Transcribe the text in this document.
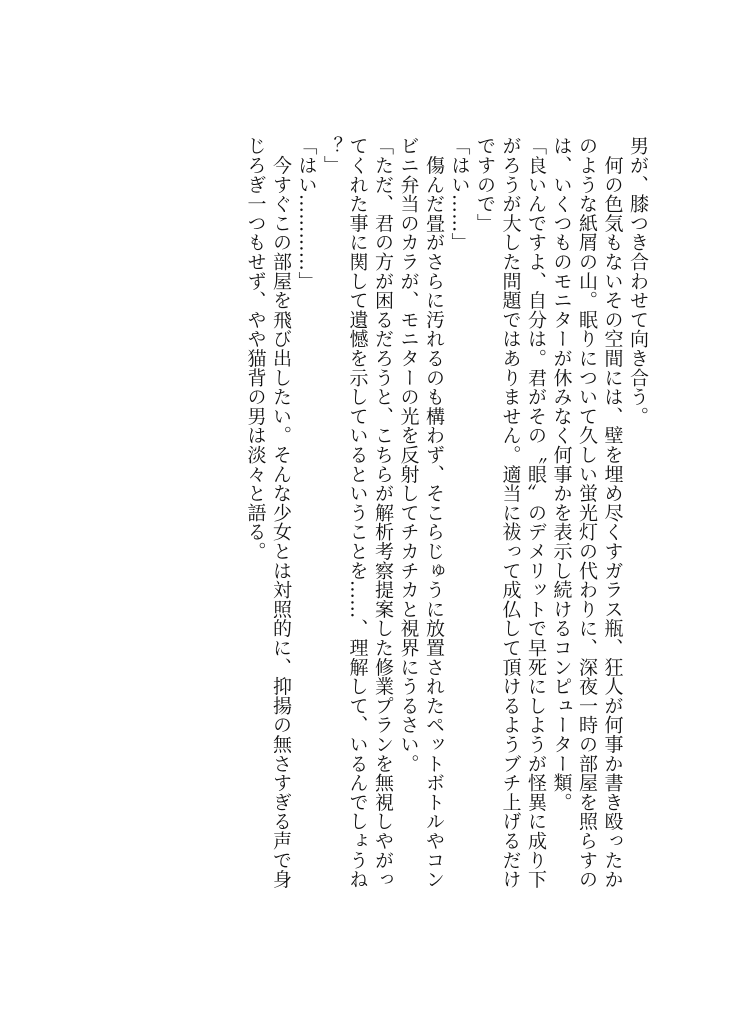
男が、膝つき合わせて向き合う。
　何の色気もないその空間には、壁を埋め尽くすガラス瓶、狂人が何事か書き殴ったか
のような紙屑の山。眠りについて久しい蛍光灯の代わりに、深夜一時の部屋を照らすの
は、いくつものモニターが休みなく何事かを表示し続けるコンピューター類。
「良いんですよ、自分は。君がその〝眼〟のデメリットで早死にしようが怪異に成り下
がろうが大した問題ではありません。適当に祓って成仏して頂けるようブチ上げるだけ
ですので」
「はい……」
　傷んだ畳がさらに汚れるのも構わず、そこらじゅうに放置されたペットボトルやコン
ビニ弁当のカラが、モニターの光を反射してチカチカと視界にうるさい。
「ただ、君の方が困るだろうと、こちらが解析考察提案した修業プランを無視しやがっ
てくれた事に関して遺憾を示しているということを……、理解して、いるんでしょうね
？」
「はい…………」
　今すぐこの部屋を飛び出したい。そんな少女とは対照的に、抑揚の無さすぎる声で身
じろぎ一つもせず、やや猫背の男は淡々と語る。
